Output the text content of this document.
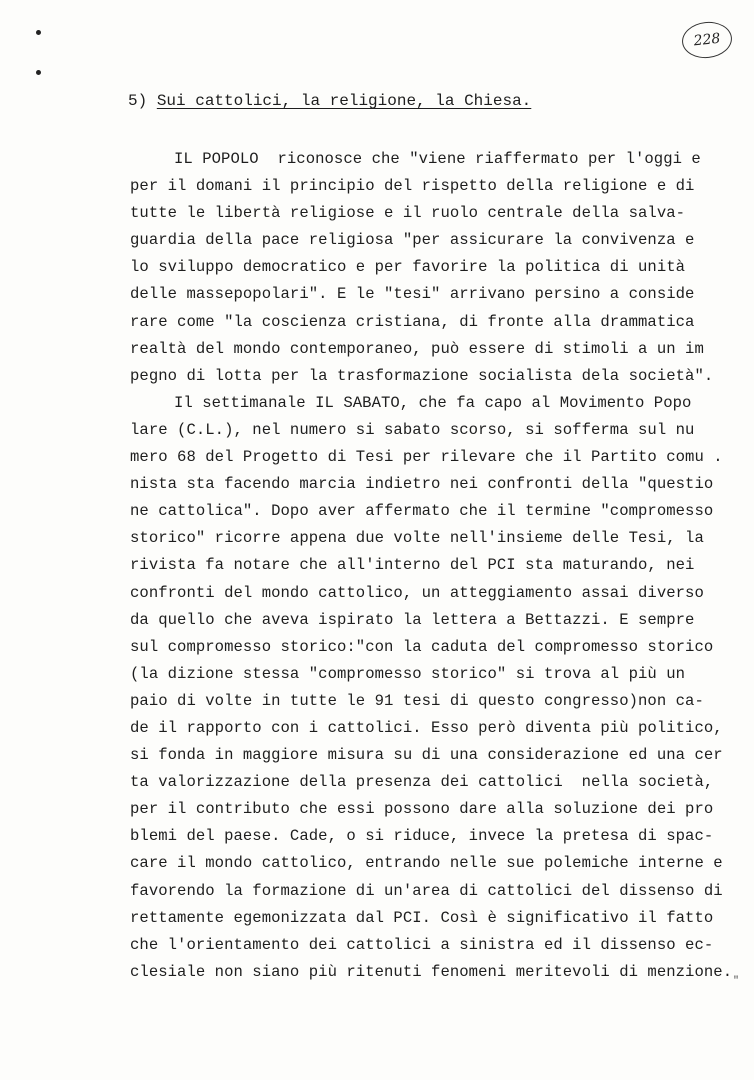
228
5) Sui cattolici, la religione, la Chiesa.
IL POPOLO  riconosce che "viene riaffermato per l'oggi e
per il domani il principio del rispetto della religione e di
tutte le libertà religiose e il ruolo centrale della salva-
guardia della pace religiosa "per assicurare la convivenza e
lo sviluppo democratico e per favorire la politica di unità
delle massepopolari". E le "tesi" arrivano persino a conside
rare come "la coscienza cristiana, di fronte alla drammatica
realtà del mondo contemporaneo, può essere di stimoli a un im
pegno di lotta per la trasformazione socialista dela società".
Il settimanale IL SABATO, che fa capo al Movimento Popo
lare (C.L.), nel numero si sabato scorso, si sofferma sul nu
mero 68 del Progetto di Tesi per rilevare che il Partito comu .
nista sta facendo marcia indietro nei confronti della "questio
ne cattolica". Dopo aver affermato che il termine "compromesso
storico" ricorre appena due volte nell'insieme delle Tesi, la
rivista fa notare che all'interno del PCI sta maturando, nei
confronti del mondo cattolico, un atteggiamento assai diverso
da quello che aveva ispirato la lettera a Bettazzi. E sempre
sul compromesso storico:"con la caduta del compromesso storico
(la dizione stessa "compromesso storico" si trova al più un
paio di volte in tutte le 91 tesi di questo congresso)non ca-
de il rapporto con i cattolici. Esso però diventa più politico,
si fonda in maggiore misura su di una considerazione ed una cer
ta valorizzazione della presenza dei cattolici  nella società,
per il contributo che essi possono dare alla soluzione dei pro
blemi del paese. Cade, o si riduce, invece la pretesa di spac-
care il mondo cattolico, entrando nelle sue polemiche interne e
favorendo la formazione di un'area di cattolici del dissenso di
rettamente egemonizzata dal PCI. Così è significativo il fatto
che l'orientamento dei cattolici a sinistra ed il dissenso ec-
clesiale non siano più ritenuti fenomeni meritevoli di menzione.
"
